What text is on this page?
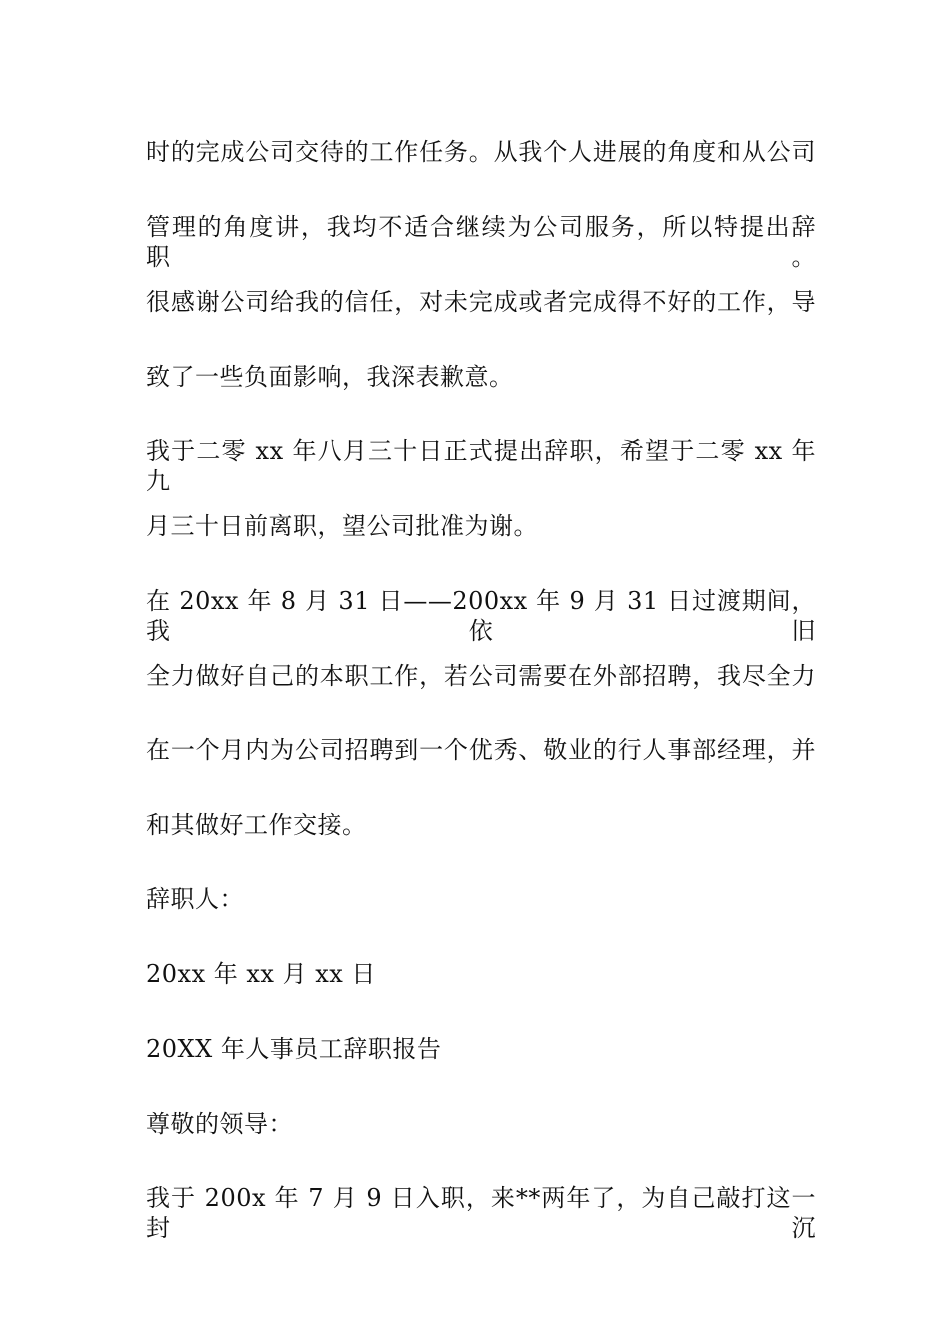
时的完成公司交待的工作任务。从我个人进展的角度和从公司
管理的角度讲，我均不适合继续为公司服务，所以特提出辞职。
很感谢公司给我的信任，对未完成或者完成得不好的工作，导
致了一些负面影响，我深表歉意。
我于二零 xx 年八月三十日正式提出辞职，希望于二零 xx 年九
月三十日前离职，望公司批准为谢。
在 20xx 年 8 月 31 日——200xx 年 9 月 31 日过渡期间，我依旧
全力做好自己的本职工作，若公司需要在外部招聘，我尽全力
在一个月内为公司招聘到一个优秀、敬业的行人事部经理，并
和其做好工作交接。
辞职人：
20xx 年 xx 月 xx 日
20XX 年人事员工辞职报告
尊敬的领导：
我于 200x 年 7 月 9 日入职，来**两年了，为自己敲打这一封沉
